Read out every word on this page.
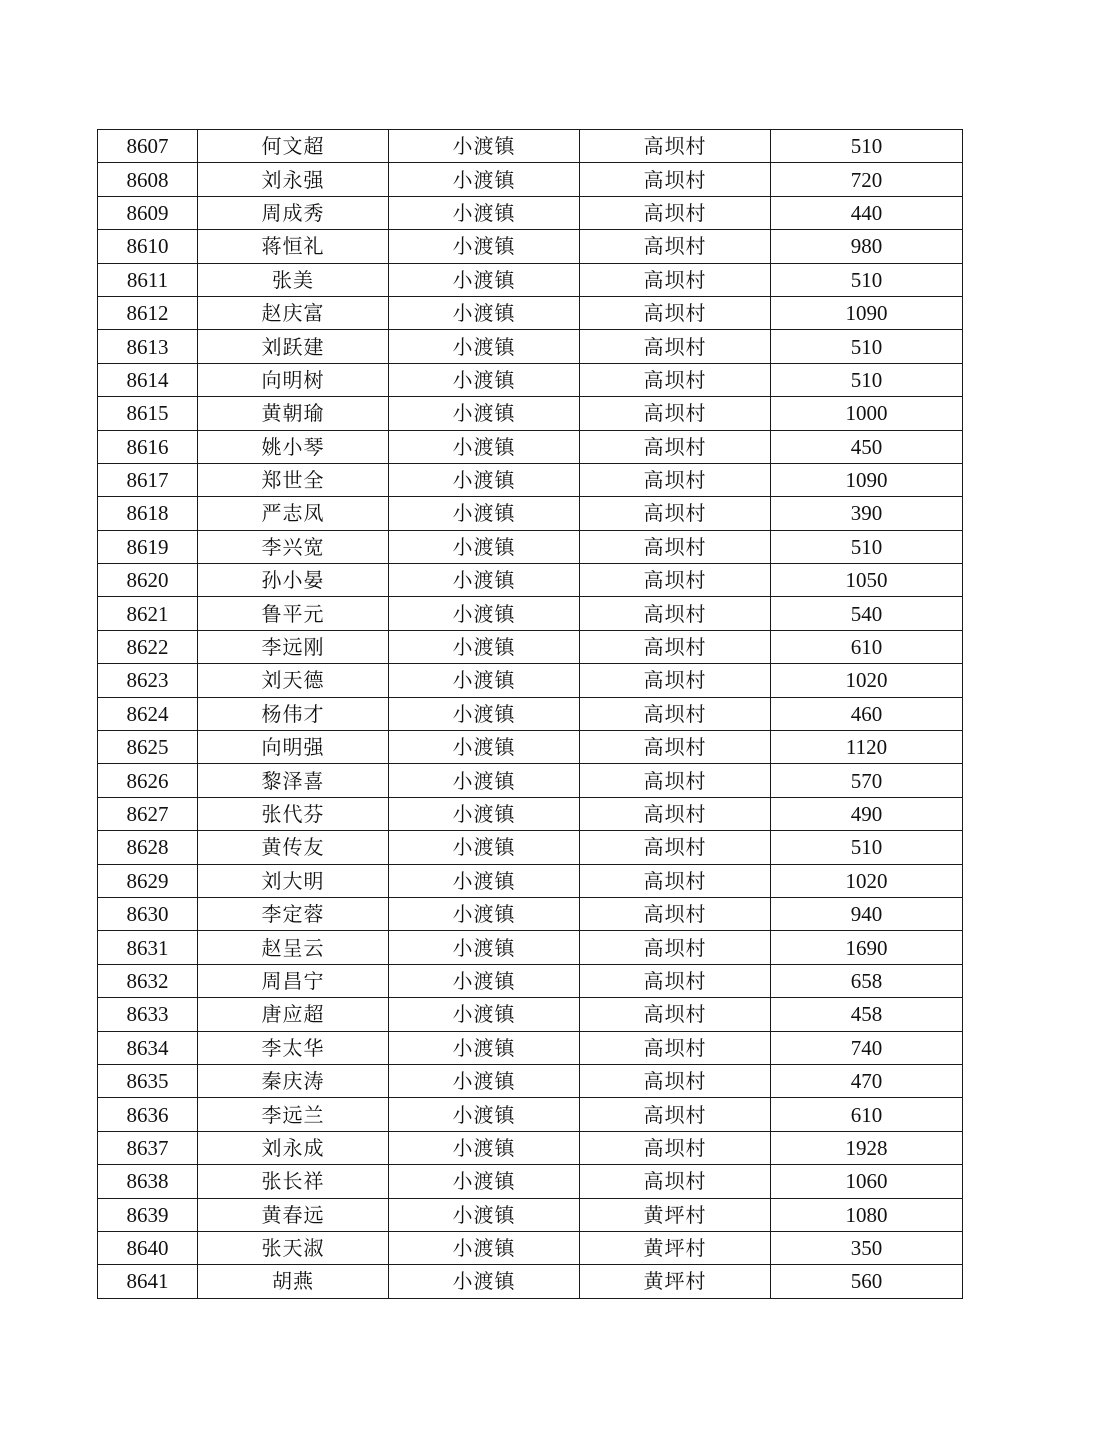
8607	何文超	小渡镇	高坝村	510
8608	刘永强	小渡镇	高坝村	720
8609	周成秀	小渡镇	高坝村	440
8610	蒋恒礼	小渡镇	高坝村	980
8611	张美	小渡镇	高坝村	510
8612	赵庆富	小渡镇	高坝村	1090
8613	刘跃建	小渡镇	高坝村	510
8614	向明树	小渡镇	高坝村	510
8615	黄朝瑜	小渡镇	高坝村	1000
8616	姚小琴	小渡镇	高坝村	450
8617	郑世全	小渡镇	高坝村	1090
8618	严志凤	小渡镇	高坝村	390
8619	李兴宽	小渡镇	高坝村	510
8620	孙小晏	小渡镇	高坝村	1050
8621	鲁平元	小渡镇	高坝村	540
8622	李远刚	小渡镇	高坝村	610
8623	刘天德	小渡镇	高坝村	1020
8624	杨伟才	小渡镇	高坝村	460
8625	向明强	小渡镇	高坝村	1120
8626	黎泽喜	小渡镇	高坝村	570
8627	张代芬	小渡镇	高坝村	490
8628	黄传友	小渡镇	高坝村	510
8629	刘大明	小渡镇	高坝村	1020
8630	李定蓉	小渡镇	高坝村	940
8631	赵呈云	小渡镇	高坝村	1690
8632	周昌宁	小渡镇	高坝村	658
8633	唐应超	小渡镇	高坝村	458
8634	李太华	小渡镇	高坝村	740
8635	秦庆涛	小渡镇	高坝村	470
8636	李远兰	小渡镇	高坝村	610
8637	刘永成	小渡镇	高坝村	1928
8638	张长祥	小渡镇	高坝村	1060
8639	黄春远	小渡镇	黄坪村	1080
8640	张天淑	小渡镇	黄坪村	350
8641	胡燕	小渡镇	黄坪村	560
